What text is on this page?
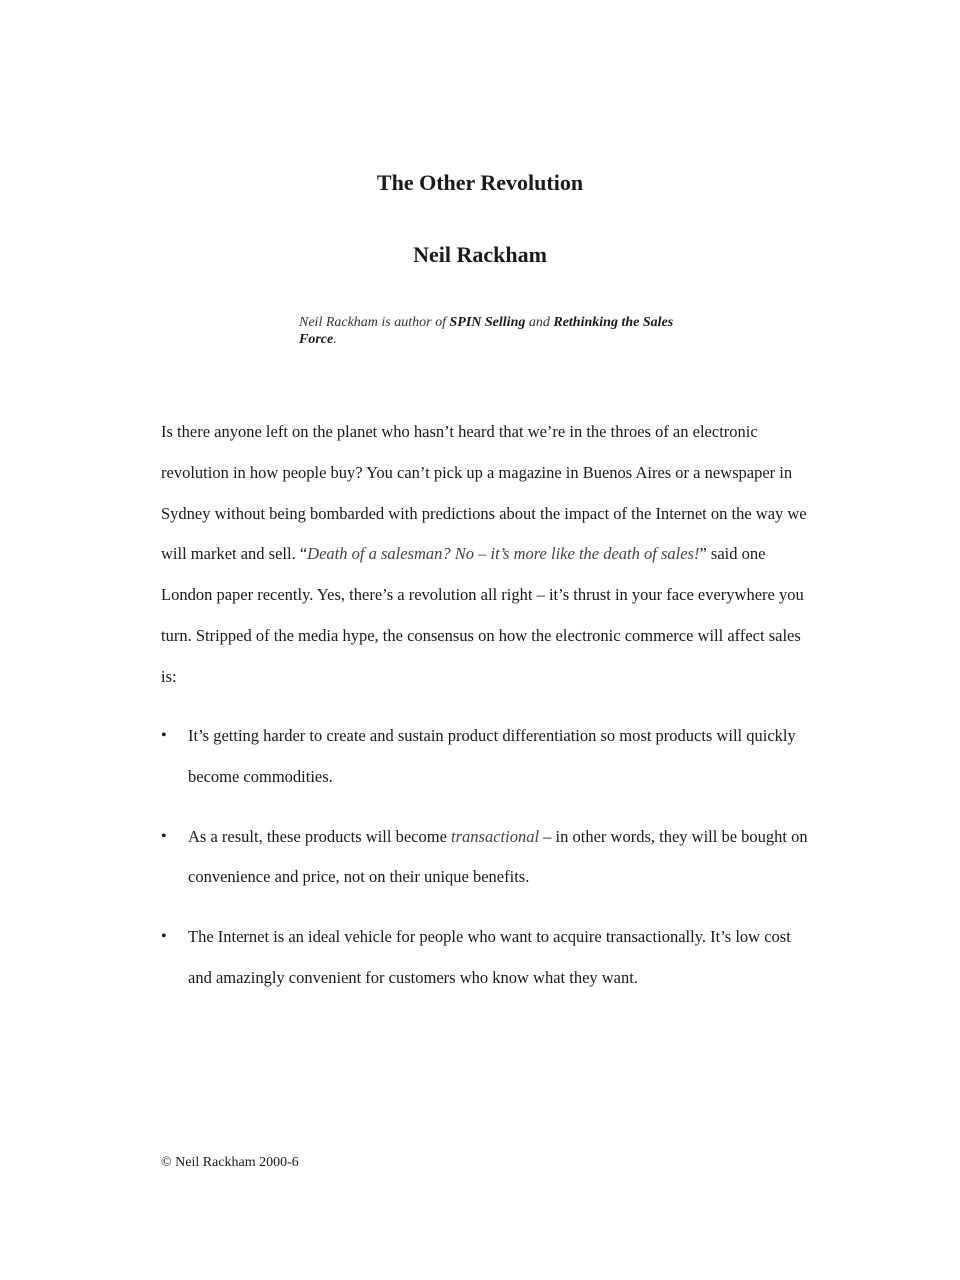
The Other Revolution
Neil Rackham

Neil Rackham is author of SPIN Selling and Rethinking the Sales Force.

Is there anyone left on the planet who hasn’t heard that we’re in the throes of an electronic revolution in how people buy? You can’t pick up a magazine in Buenos Aires or a newspaper in Sydney without being bombarded with predictions about the impact of the Internet on the way we will market and sell. “Death of a salesman? No – it’s more like the death of sales!” said one London paper recently. Yes, there’s a revolution all right – it’s thrust in your face everywhere you turn. Stripped of the media hype, the consensus on how the electronic commerce will affect sales is:

• It’s getting harder to create and sustain product differentiation so most products will quickly become commodities.
• As a result, these products will become transactional – in other words, they will be bought on convenience and price, not on their unique benefits.
• The Internet is an ideal vehicle for people who want to acquire transactionally. It’s low cost and amazingly convenient for customers who know what they want.

© Neil Rackham 2000-6
